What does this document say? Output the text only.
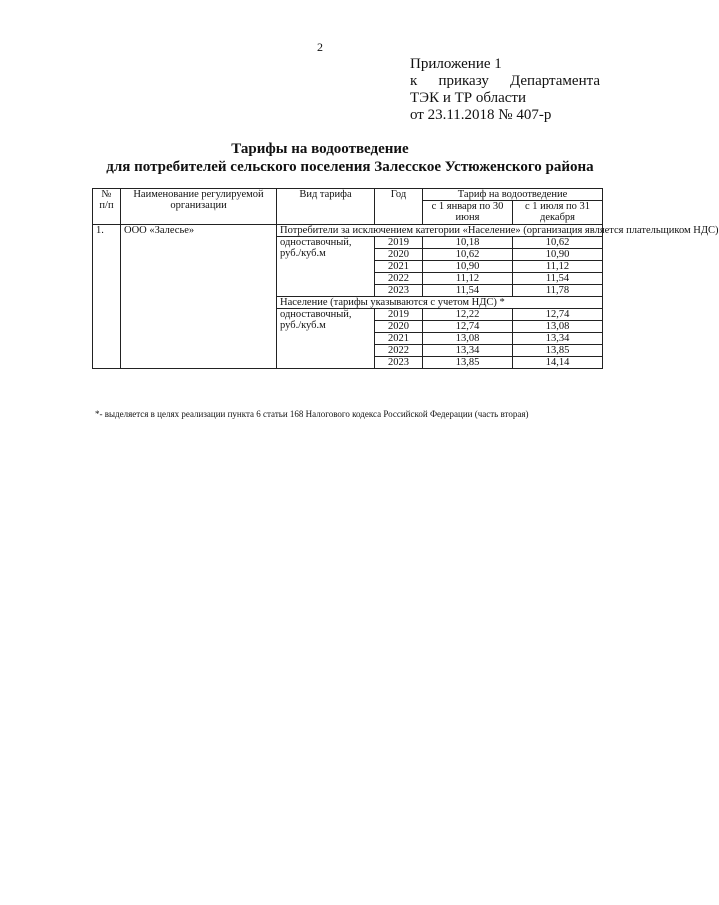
2
Приложение 1
к приказу Департамента
ТЭК и ТР области
от 23.11.2018 № 407-р
Тарифы на водоотведение
для потребителей сельского поселения Залесское Устюженского района
№ п/п	Наименование регулируемой организации	Вид тарифа	Год	Тариф на водоотведение	
				с 1 января по 30 июня	с 1 июля по 31 декабря
1.	ООО «Залесье»	Потребители за исключением категории «Население» (организация является плательщиком НДС)			
		одноставочный, руб./куб.м	2019	10,18	10,62
			2020	10,62	10,90
			2021	10,90	11,12
			2022	11,12	11,54
			2023	11,54	11,78
		Население (тарифы указываются с учетом НДС) *			
		одноставочный, руб./куб.м	2019	12,22	12,74
			2020	12,74	13,08
			2021	13,08	13,34
			2022	13,34	13,85
			2023	13,85	14,14
*- выделяется в целях реализации пункта 6 статьи 168 Налогового кодекса Российской Федерации (часть вторая)
